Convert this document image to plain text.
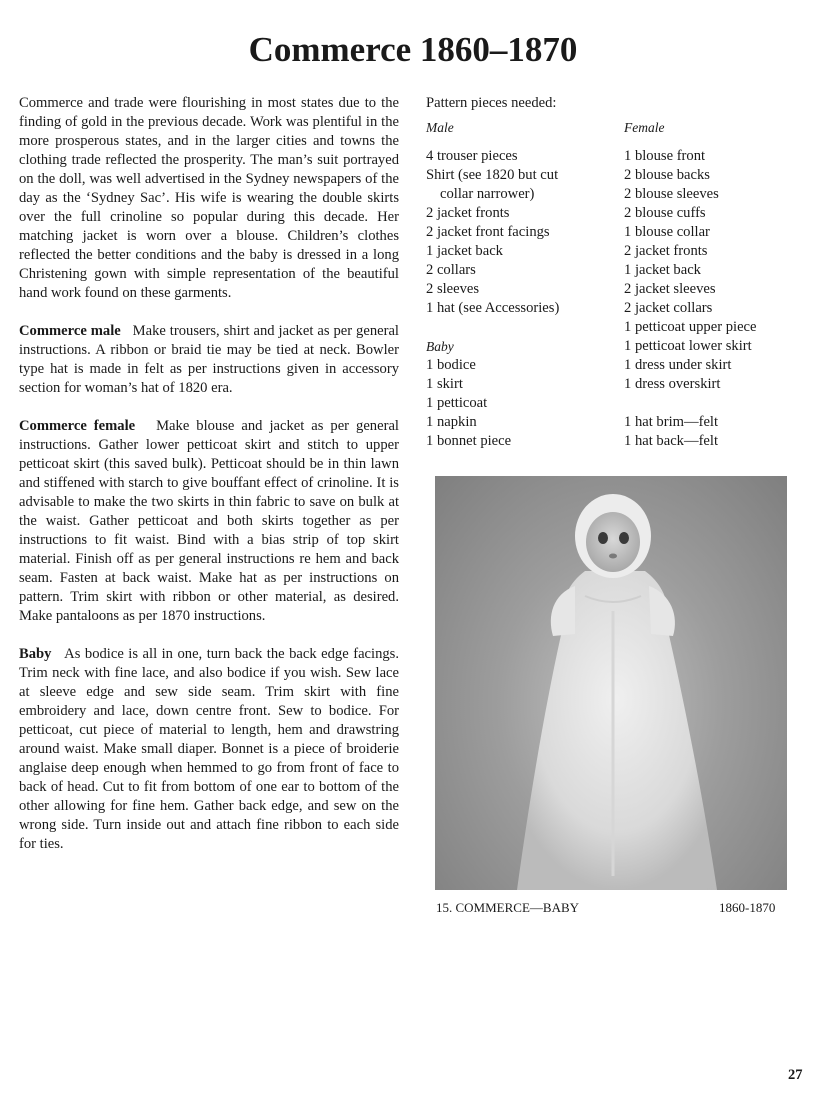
Commerce 1860–1870

Commerce and trade were flourishing in most states due to the finding of gold in the previous decade. Work was plentiful in the more prosperous states, and in the larger cities and towns the clothing trade reflected the prosperity. The man’s suit portrayed on the doll, was well advertised in the Sydney newspapers of the day as the ‘Sydney Sac’. His wife is wearing the double skirts over the full crinoline so popular during this decade. Her matching jacket is worn over a blouse. Children’s clothes reflected the better conditions and the baby is dressed in a long Christening gown with simple representation of the beautiful hand work found on these garments.

Commerce male Make trousers, shirt and jacket as per general instructions. A ribbon or braid tie may be tied at neck. Bowler type hat is made in felt as per instructions given in accessory section for woman’s hat of 1820 era.

Commerce female Make blouse and jacket as per general instructions. Gather lower petticoat skirt and stitch to upper petticoat skirt (this saved bulk). Petticoat should be in thin lawn and stiffened with starch to give bouffant effect of crinoline. It is advisable to make the two skirts in thin fabric to save on bulk at the waist. Gather petticoat and both skirts together as per instructions to fit waist. Bind with a bias strip of top skirt material. Finish off as per general instructions re hem and back seam. Fasten at back waist. Make hat as per instructions on pattern. Trim skirt with ribbon or other material, as desired. Make pantaloons as per 1870 instructions.

Baby As bodice is all in one, turn back the back edge facings. Trim neck with fine lace, and also bodice if you wish. Sew lace at sleeve edge and sew side seam. Trim skirt with fine embroidery and lace, down centre front. Sew to bodice. For petticoat, cut piece of material to length, hem and drawstring around waist. Make small diaper. Bonnet is a piece of broiderie anglaise deep enough when hemmed to go from front of face to back of head. Cut to fit from bottom of one ear to bottom of the other allowing for fine hem. Gather back edge, and sew on the wrong side. Turn inside out and attach fine ribbon to each side for ties.

Pattern pieces needed:
Male
4 trouser pieces
Shirt (see 1820 but cut
collar narrower)
2 jacket fronts
2 jacket front facings
1 jacket back
2 collars
2 sleeves
1 hat (see Accessories)
Baby
1 bodice
1 skirt
1 petticoat
1 napkin
1 bonnet piece
Female
1 blouse front
2 blouse backs
2 blouse sleeves
2 blouse cuffs
1 blouse collar
2 jacket fronts
1 jacket back
2 jacket sleeves
2 jacket collars
1 petticoat upper piece
1 petticoat lower skirt
1 dress under skirt
1 dress overskirt
1 hat brim—felt
1 hat back—felt
15. COMMERCE—BABY	1860-1870
27
